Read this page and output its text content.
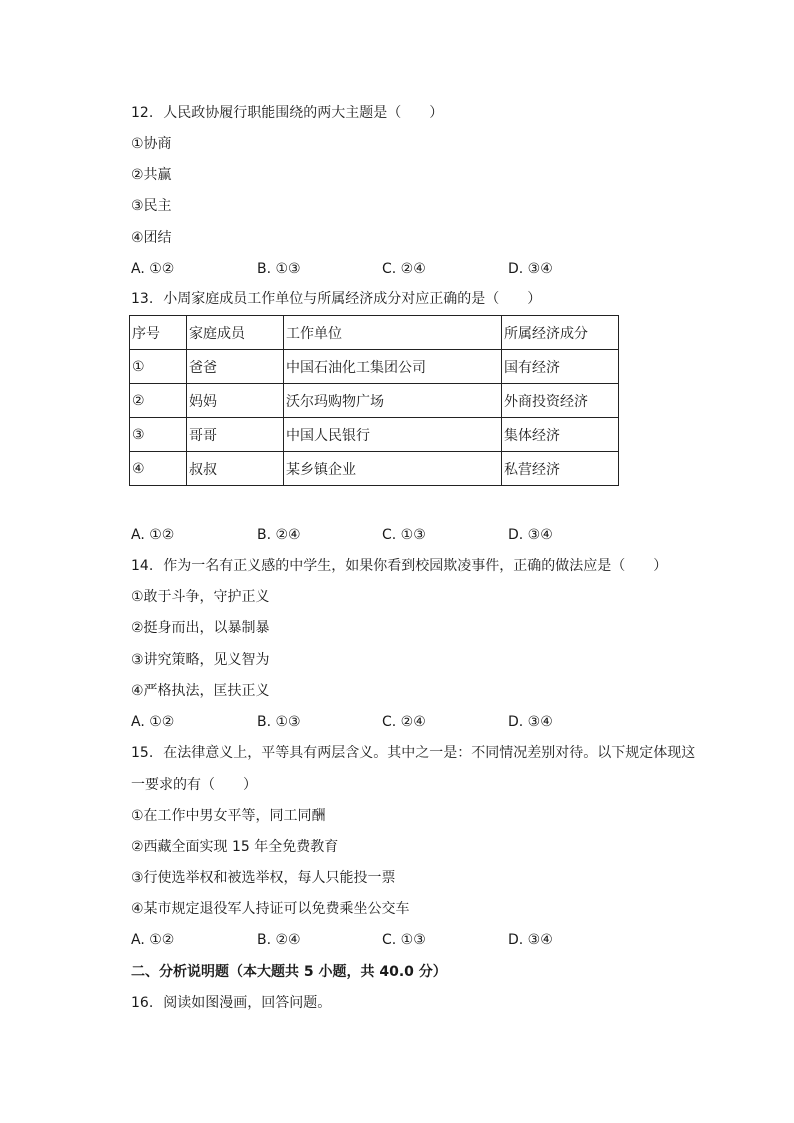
12. 人民政协履行职能围绕的两大主题是（　　）
①协商
②共赢
③民主
④团结
A. ①②	B. ①③	C. ②④	D. ③④
13. 小周家庭成员工作单位与所属经济成分对应正确的是（　　）
序号	家庭成员	工作单位	所属经济成分
①	爸爸	中国石油化工集团公司	国有经济
②	妈妈	沃尔玛购物广场	外商投资经济
③	哥哥	中国人民银行	集体经济
④	叔叔	某乡镇企业	私营经济
A. ①②	B. ②④	C. ①③	D. ③④
14. 作为一名有正义感的中学生，如果你看到校园欺凌事件，正确的做法应是（　　）
①敢于斗争，守护正义
②挺身而出，以暴制暴
③讲究策略，见义智为
④严格执法，匡扶正义
A. ①②	B. ①③	C. ②④	D. ③④
15. 在法律意义上，平等具有两层含义。其中之一是：不同情况差别对待。以下规定体现这
一要求的有（　　）
①在工作中男女平等，同工同酬
②西藏全面实现 15 年全免费教育
③行使选举权和被选举权，每人只能投一票
④某市规定退役军人持证可以免费乘坐公交车
A. ①②	B. ②④	C. ①③	D. ③④
二、分析说明题（本大题共 5 小题，共 40.0 分）
16. 阅读如图漫画，回答问题。
